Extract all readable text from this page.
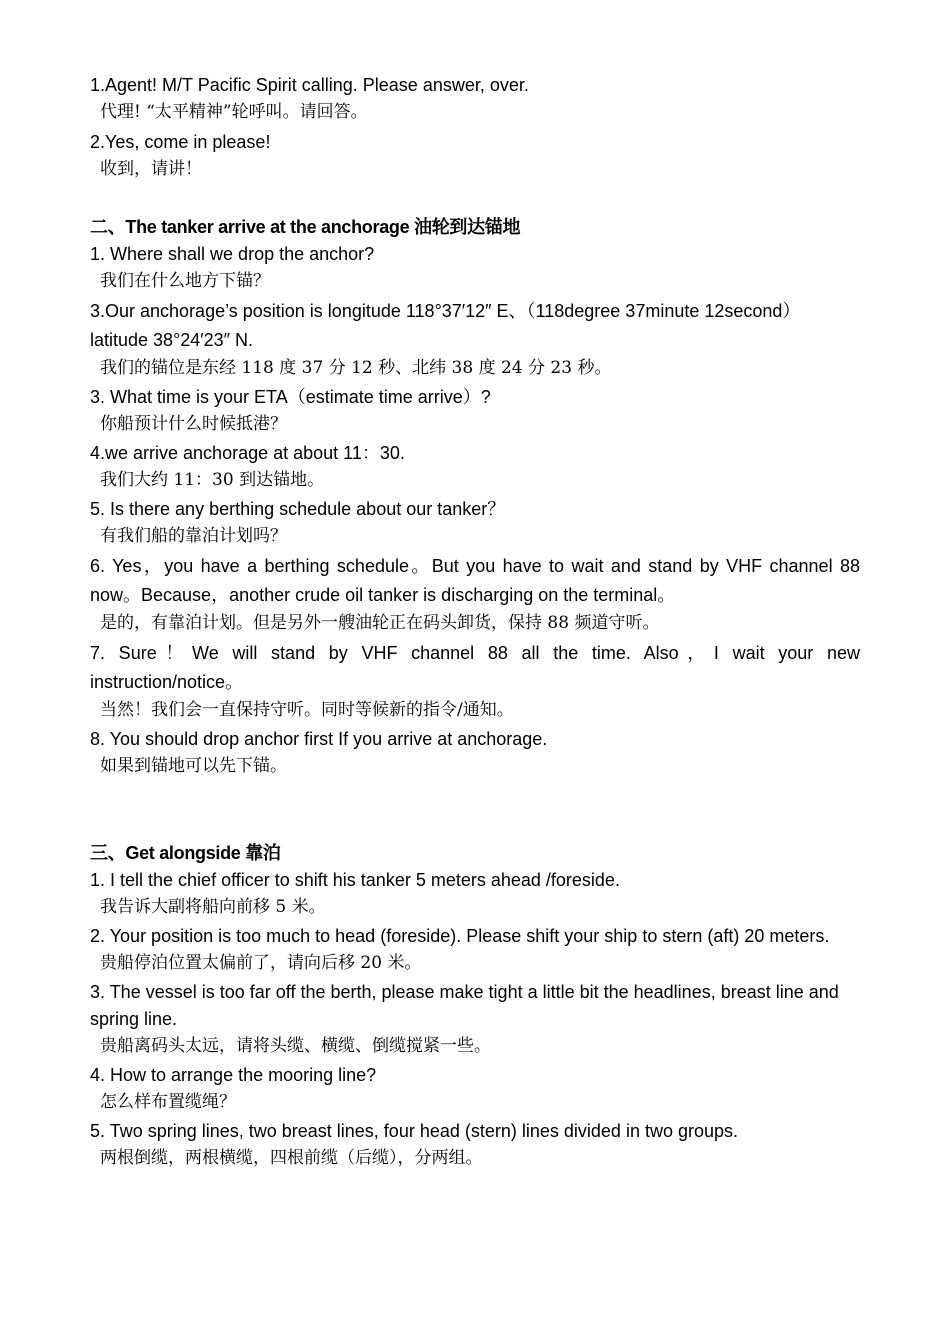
1.Agent! M/T Pacific Spirit calling. Please answer, over.

代理! “太平精神”轮呼叫。请回答。

2.Yes, come in please!

收到，请讲！

二、The tanker arrive at the anchorage 油轮到达锚地

1. Where shall we drop the anchor?

我们在什么地方下锚？

3.Our anchorage’s position is longitude 118°37′12″ E、（118degree 37minute 12second） latitude 38°24′23″ N.

我们的锚位是东经 118 度 37 分 12 秒、北纬 38 度 24 分 23 秒。

3. What time is your ETA（estimate time arrive）?

你船预计什么时候抵港？

4.we arrive anchorage at about 11：30.

我们大约 11：30 到达锚地。

5. Is there any berthing schedule about our tanker？

有我们船的靠泊计划吗？

6. Yes，you have a berthing schedule。But you have to wait and stand by VHF channel 88 now。Because，another crude oil tanker is discharging on the terminal。

是的，有靠泊计划。但是另外一艘油轮正在码头卸货，保持 88 频道守听。

7. Sure！We will stand by VHF channel 88 all the time. Also，I wait your new instruction/notice。

当然！我们会一直保持守听。同时等候新的指令/通知。

8. You should drop anchor first If you arrive at anchorage.

如果到锚地可以先下锚。

三、Get alongside 靠泊

1. I tell the chief officer to shift his tanker 5 meters ahead /foreside.

我告诉大副将船向前移 5 米。

2. Your position is too much to head (foreside). Please shift your ship to stern (aft) 20 meters.

贵船停泊位置太偏前了，请向后移 20 米。

3. The vessel is too far off the berth, please make tight a little bit the headlines, breast line and spring line.

贵船离码头太远，请将头缆、横缆、倒缆搅紧一些。

4. How to arrange the mooring line?

怎么样布置缆绳？

5. Two spring lines, two breast lines, four head (stern) lines divided in two groups.

两根倒缆，两根横缆，四根前缆（后缆），分两组。
